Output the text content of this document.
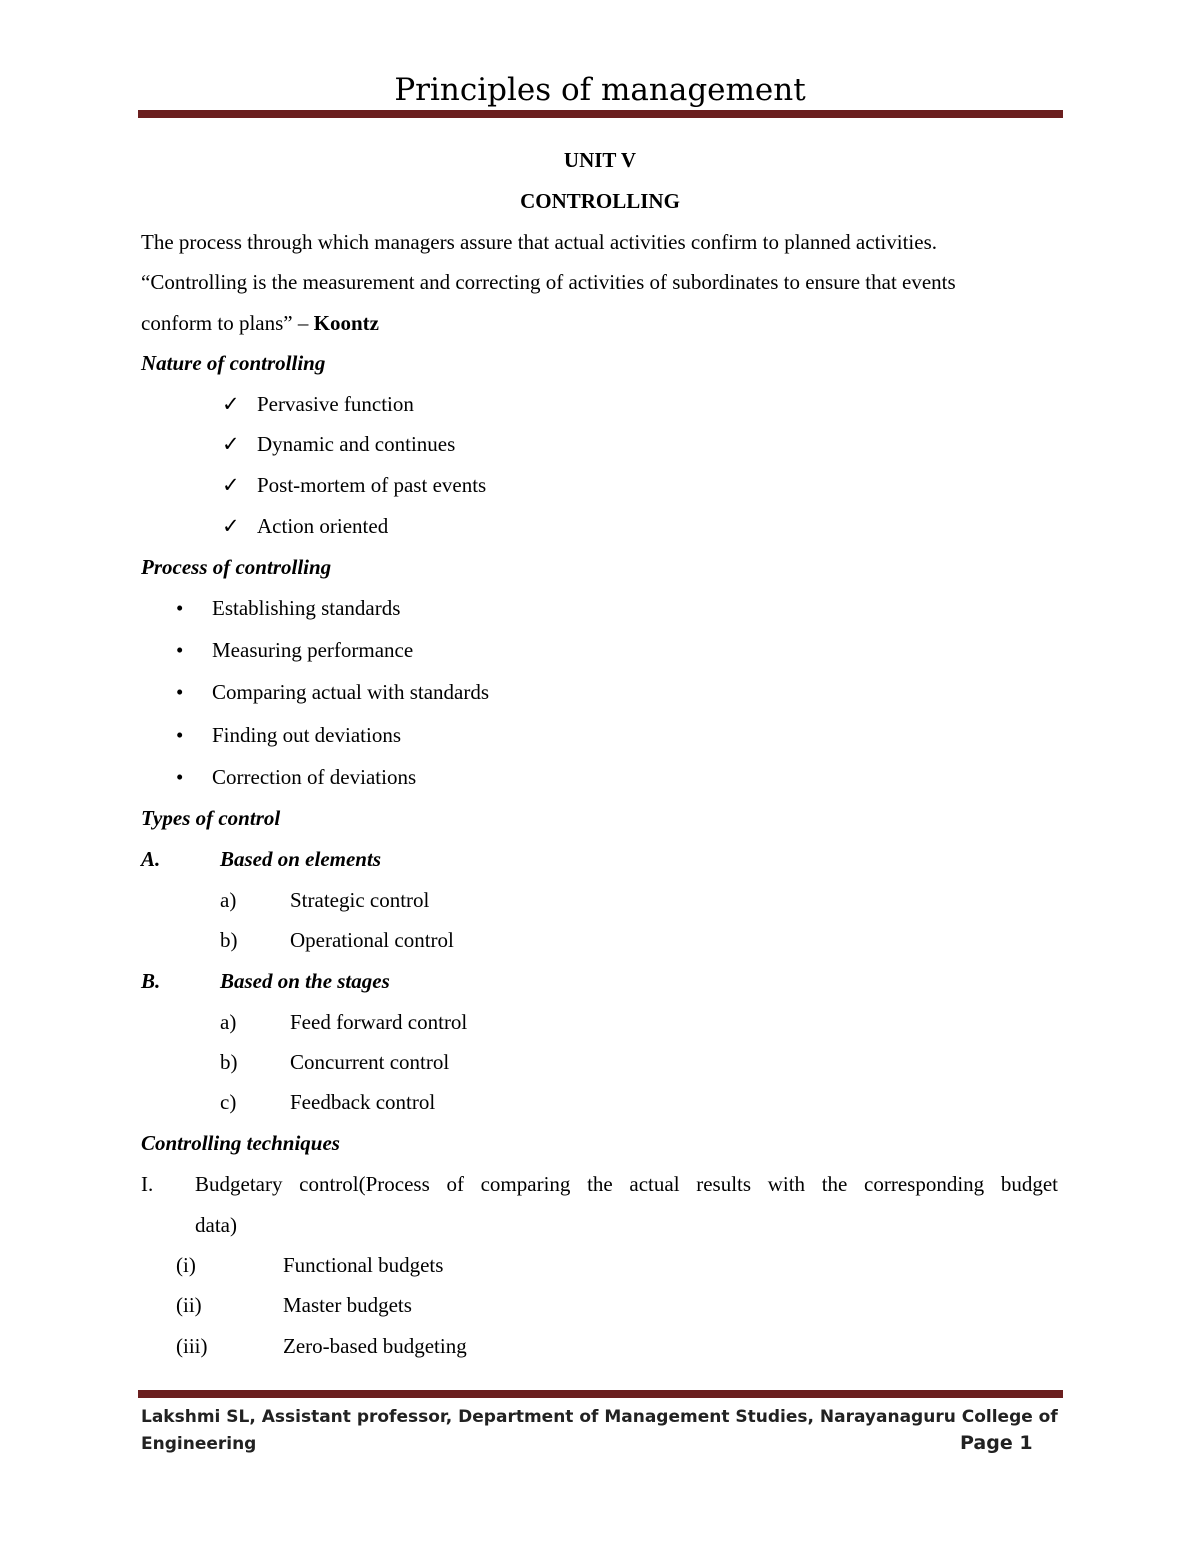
Principles of management
UNIT V
CONTROLLING
The process through which managers assure that actual activities confirm to planned activities.
“Controlling is the measurement and correcting of activities of subordinates to ensure that events
conform to plans” – Koontz
Nature of controlling
✓ Pervasive function
✓ Dynamic and continues
✓ Post-mortem of past events
✓ Action oriented
Process of controlling
• Establishing standards
• Measuring performance
• Comparing actual with standards
• Finding out deviations
• Correction of deviations
Types of control
A.	Based on elements
a)	Strategic control
b)	Operational control
B.	Based on the stages
a)	Feed forward control
b)	Concurrent control
c)	Feedback control
Controlling techniques
I. Budgetary control(Process of comparing the actual results with the corresponding budget
data)
(i)	Functional budgets
(ii)	Master budgets
(iii)	Zero-based budgeting
Lakshmi SL, Assistant professor, Department of Management Studies, Narayanaguru College of
Engineering	Page 1
